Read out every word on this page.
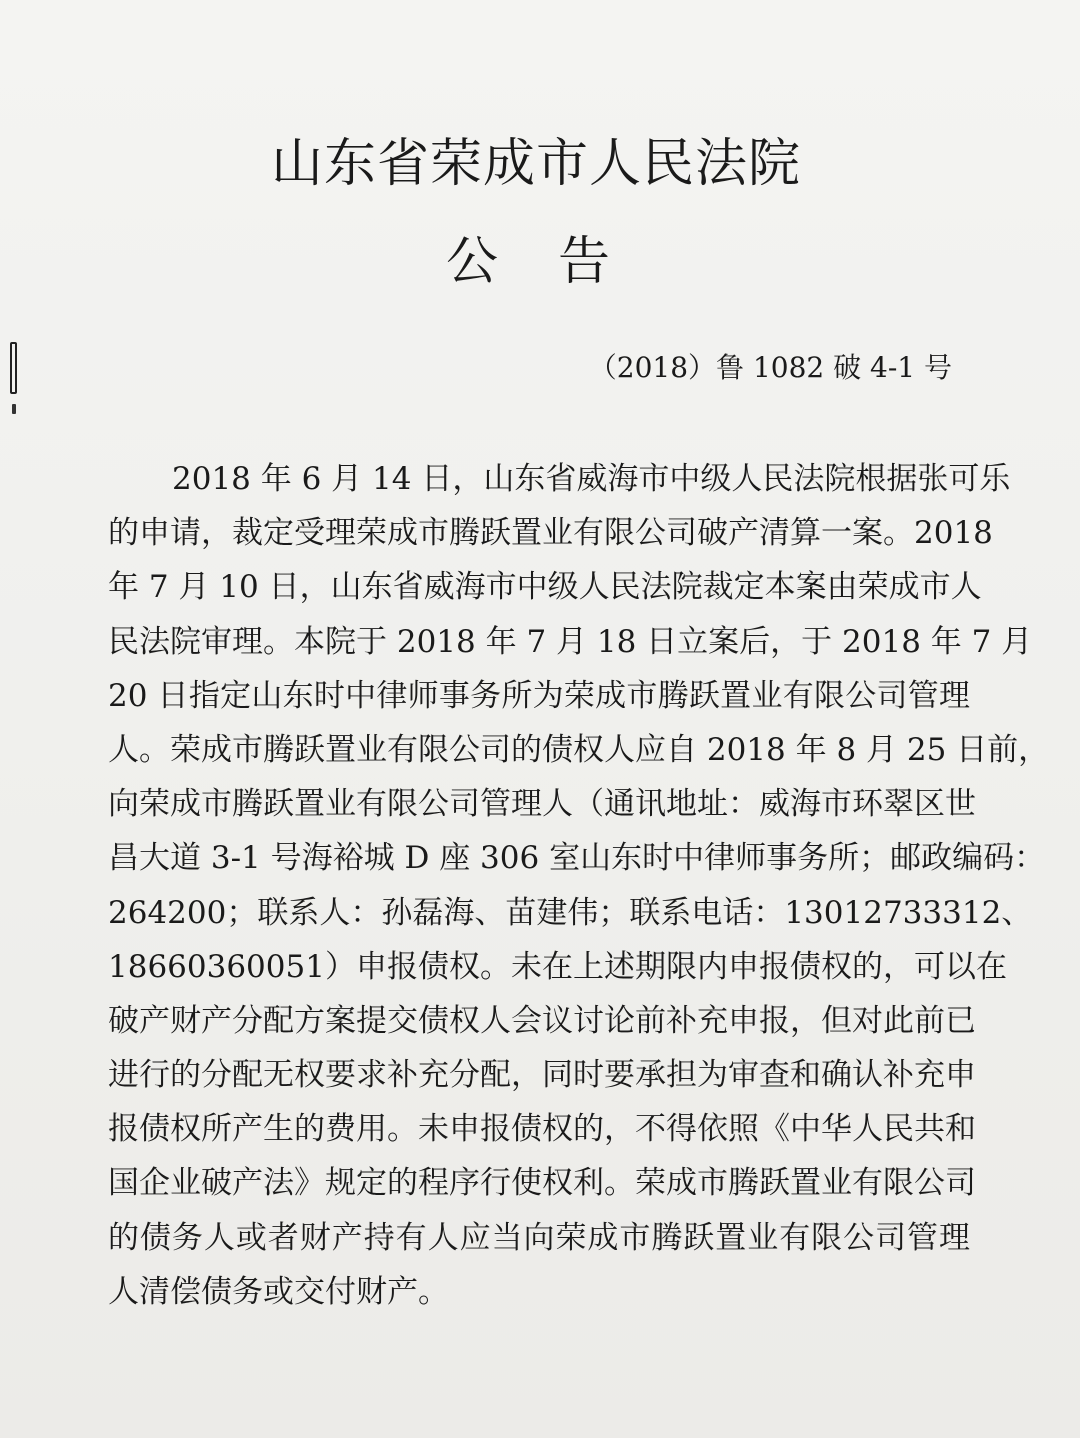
山东省荣成市人民法院
公告
（2018）鲁 1082 破 4-1 号
2018 年 6 月 14 日，山东省威海市中级人民法院根据张可乐
的申请，裁定受理荣成市腾跃置业有限公司破产清算一案。2018
年 7 月 10 日，山东省威海市中级人民法院裁定本案由荣成市人
民法院审理。本院于 2018 年 7 月 18 日立案后，于 2018 年 7 月
20 日指定山东时中律师事务所为荣成市腾跃置业有限公司管理
人。荣成市腾跃置业有限公司的债权人应自 2018 年 8 月 25 日前，
向荣成市腾跃置业有限公司管理人（通讯地址：威海市环翠区世
昌大道 3-1 号海裕城 D 座 306 室山东时中律师事务所；邮政编码：
264200；联系人：孙磊海、苗建伟；联系电话：13012733312、
18660360051）申报债权。未在上述期限内申报债权的，可以在
破产财产分配方案提交债权人会议讨论前补充申报，但对此前已
进行的分配无权要求补充分配，同时要承担为审查和确认补充申
报债权所产生的费用。未申报债权的，不得依照《中华人民共和
国企业破产法》规定的程序行使权利。荣成市腾跃置业有限公司
的债务人或者财产持有人应当向荣成市腾跃置业有限公司管理
人清偿债务或交付财产。
